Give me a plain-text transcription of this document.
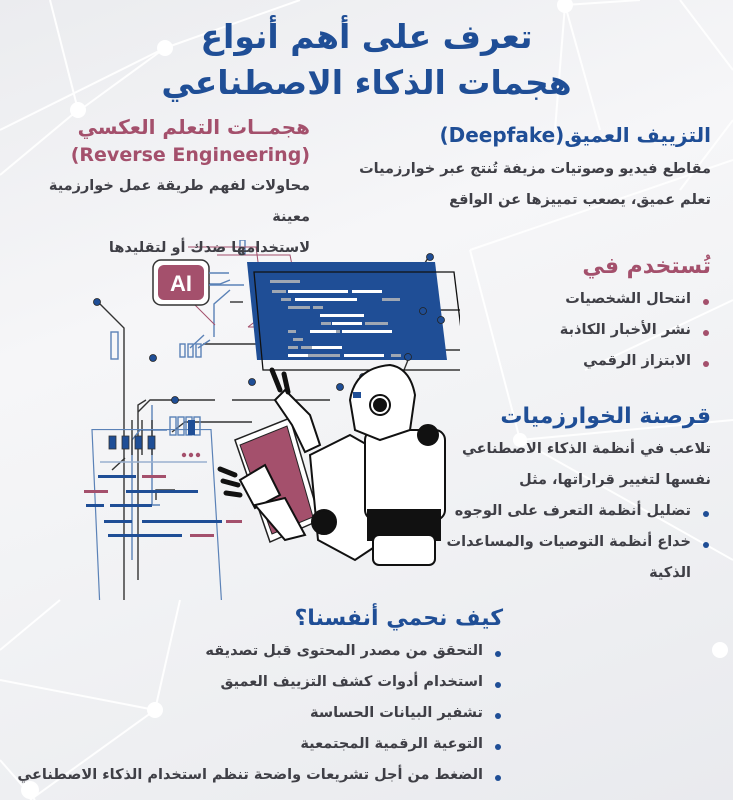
تعرف على أهم أنواع
هجمات الذكاء الاصطناعي
التزييف العميق(Deepfake)
مقاطع فيديو وصوتيات مزيفة تُنتج عبر خوارزميات
تعلم عميق، يصعب تمييزها عن الواقع
هجمــات التعلم العكسي
(Reverse Engineering)
محاولات لفهم طريقة عمل خوارزمية معينة
لاستخدامها ضدك أو لتقليدها
تُستخدم في
انتحال الشخصيات
نشر الأخبار الكاذبة
الابتزاز الرقمي
قرصنة الخوارزميات
تلاعب في أنظمة الذكاء الاصطناعي
نفسها لتغيير قراراتها، مثل
تضليل أنظمة التعرف على الوجوه
خداع أنظمة التوصيات والمساعدات
الذكية
كيف نحمي أنفسنا؟
التحقق من مصدر المحتوى قبل تصديقه
استخدام أدوات كشف التزييف العميق
تشفير البيانات الحساسة
التوعية الرقمية المجتمعية
الضغط من أجل تشريعات واضحة تنظم استخدام الذكاء الاصطناعي
AI
